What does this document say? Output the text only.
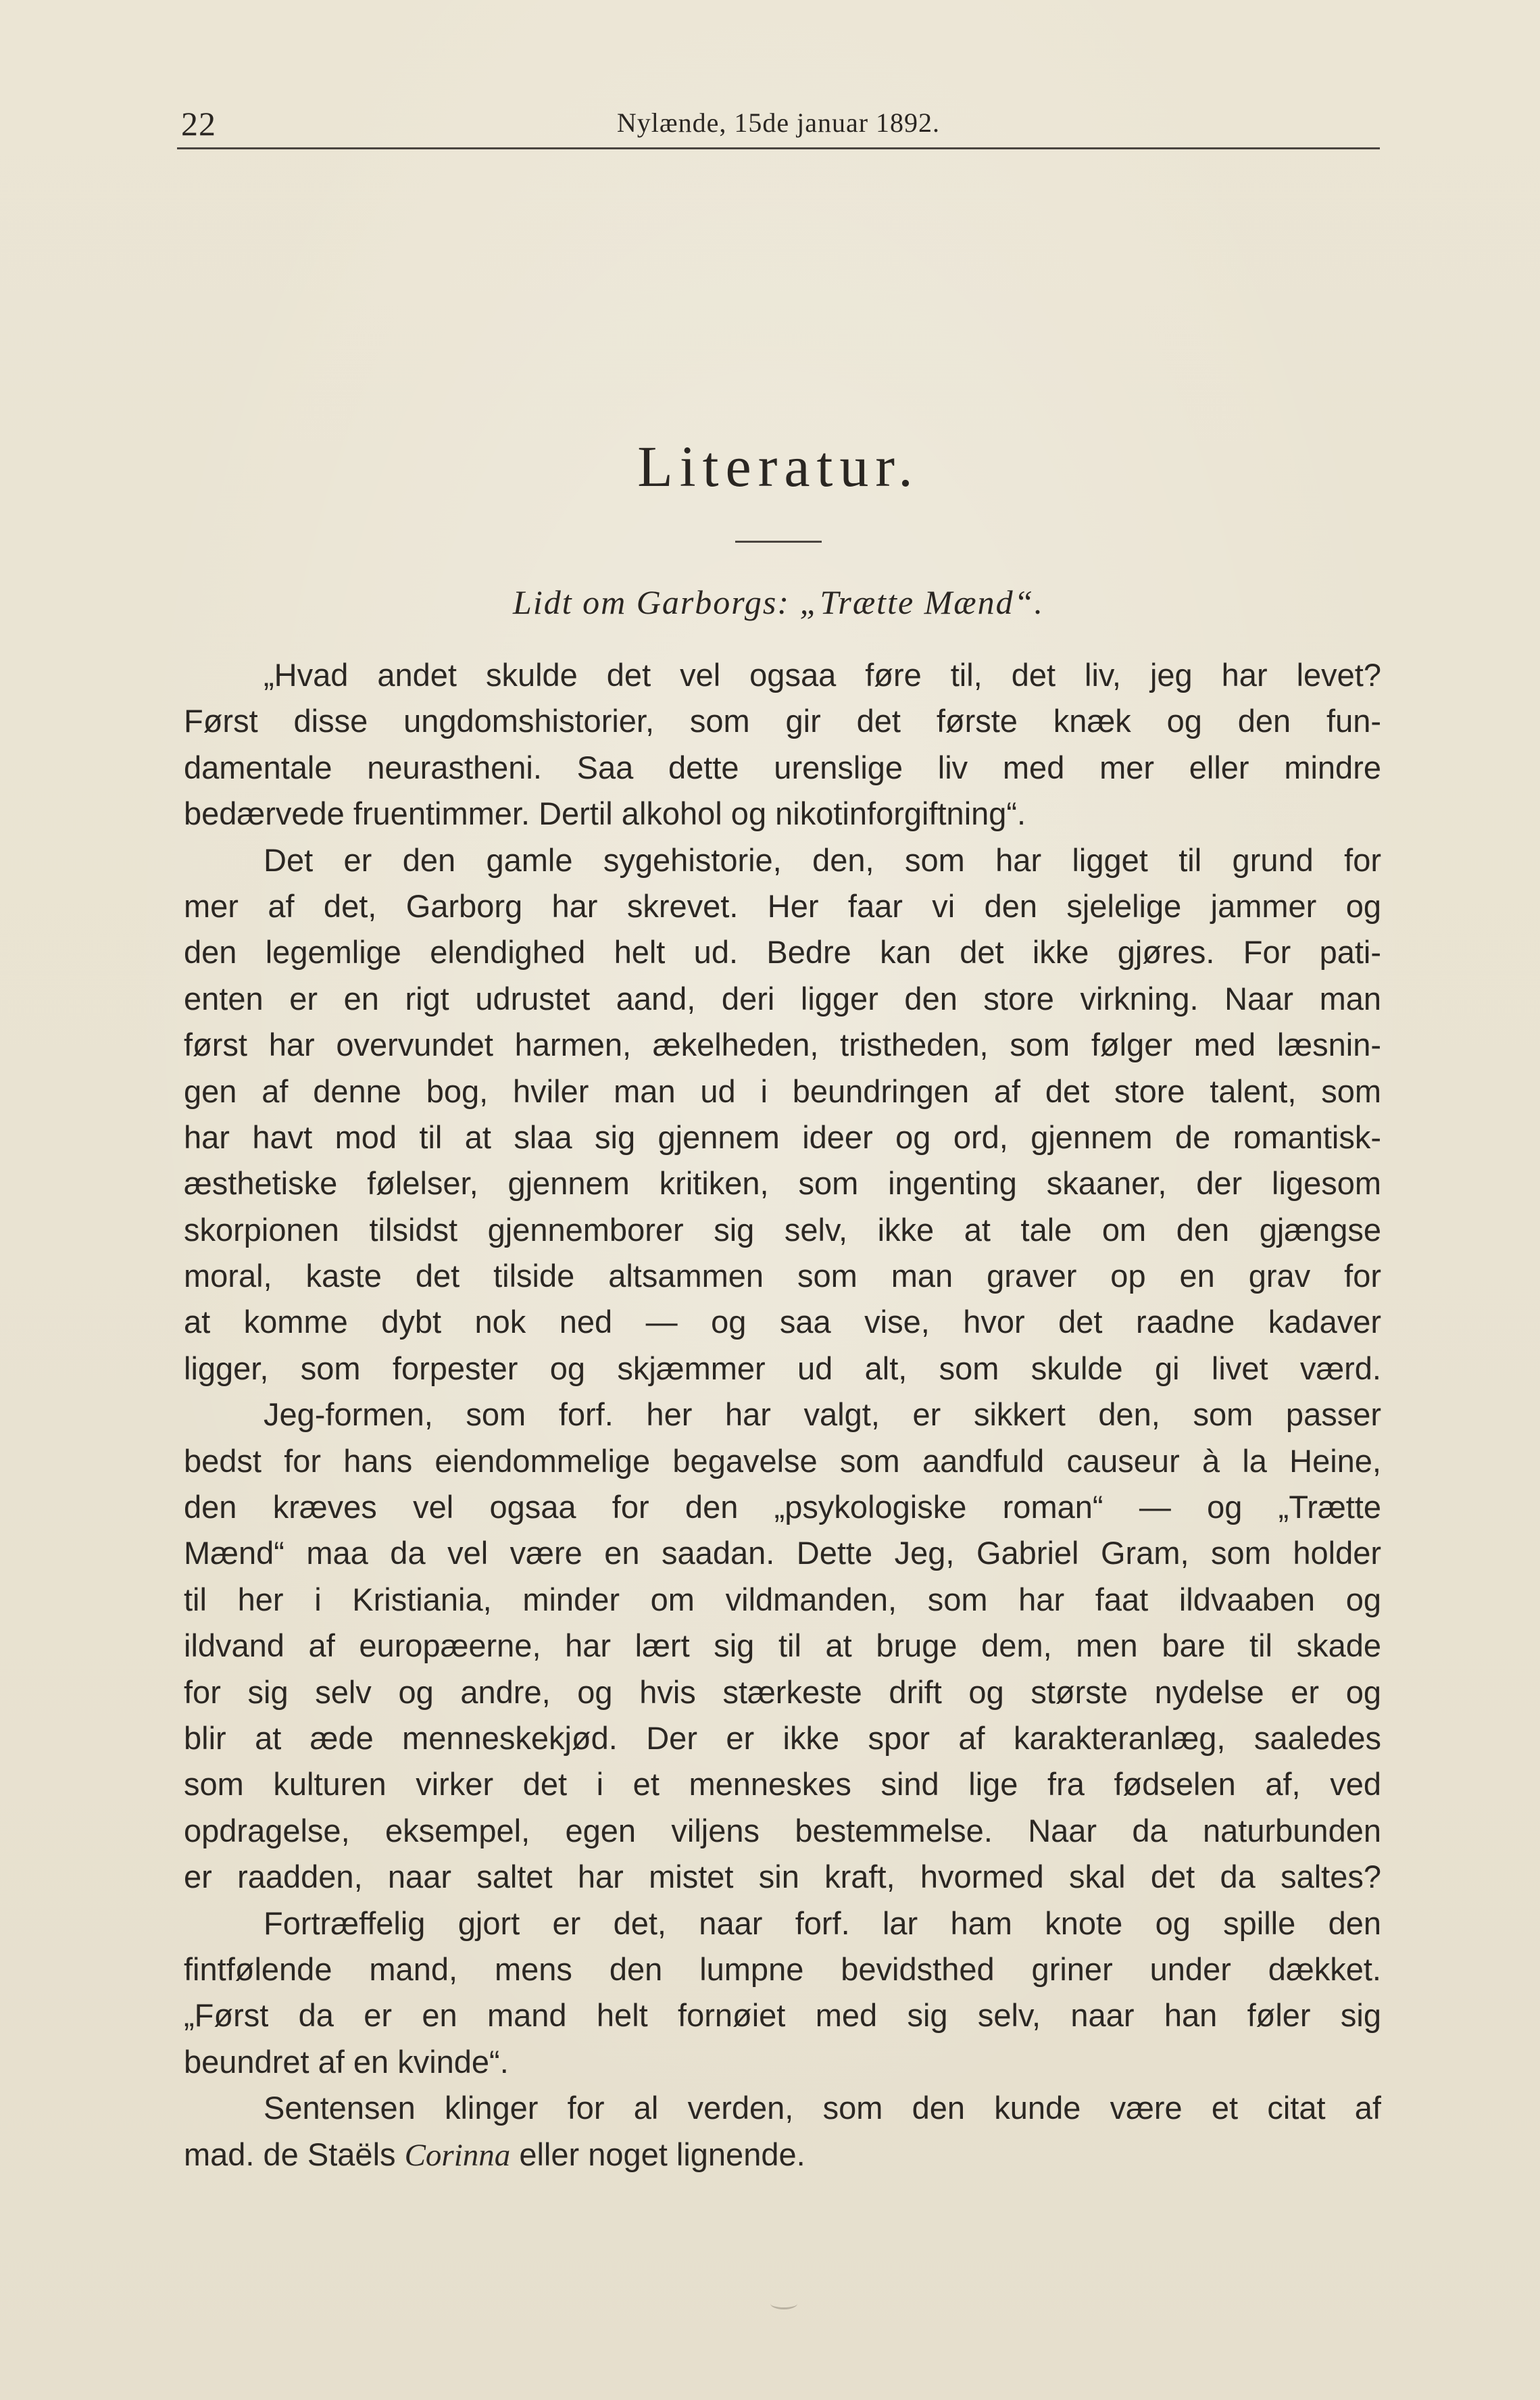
22	Nylænde, 15de januar 1892.
Literatur.
Lidt om Garborgs: „Trætte Mænd“.
„Hvad andet skulde det vel ogsaa føre til, det liv, jeg har levet?
Først disse ungdomshistorier, som gir det første knæk og den fun-
damentale neurastheni. Saa dette urenslige liv med mer eller mindre
bedærvede fruentimmer. Dertil alkohol og nikotinforgiftning“.
Det er den gamle sygehistorie, den, som har ligget til grund for
mer af det, Garborg har skrevet. Her faar vi den sjelelige jammer og
den legemlige elendighed helt ud. Bedre kan det ikke gjøres. For pati-
enten er en rigt udrustet aand, deri ligger den store virkning. Naar man
først har overvundet harmen, ækelheden, tristheden, som følger med læsnin-
gen af denne bog, hviler man ud i beundringen af det store talent, som
har havt mod til at slaa sig gjennem ideer og ord, gjennem de romantisk-
æsthetiske følelser, gjennem kritiken, som ingenting skaaner, der ligesom
skorpionen tilsidst gjennemborer sig selv, ikke at tale om den gjængse
moral, kaste det tilside altsammen som man graver op en grav for
at komme dybt nok ned — og saa vise, hvor det raadne kadaver
ligger, som forpester og skjæmmer ud alt, som skulde gi livet værd.
Jeg-formen, som forf. her har valgt, er sikkert den, som passer
bedst for hans eiendommelige begavelse som aandfuld causeur à la Heine,
den kræves vel ogsaa for den „psykologiske roman“ — og „Trætte
Mænd“ maa da vel være en saadan. Dette Jeg, Gabriel Gram, som holder
til her i Kristiania, minder om vildmanden, som har faat ildvaaben og
ildvand af europæerne, har lært sig til at bruge dem, men bare til skade
for sig selv og andre, og hvis stærkeste drift og største nydelse er og
blir at æde menneskekjød. Der er ikke spor af karakteranlæg, saaledes
som kulturen virker det i et menneskes sind lige fra fødselen af, ved
opdragelse, eksempel, egen viljens bestemmelse. Naar da naturbunden
er raadden, naar saltet har mistet sin kraft, hvormed skal det da saltes?
Fortræffelig gjort er det, naar forf. lar ham knote og spille den
fintfølende mand, mens den lumpne bevidsthed griner under dækket.
„Først da er en mand helt fornøiet med sig selv, naar han føler sig
beundret af en kvinde“.
Sentensen klinger for al verden, som den kunde være et citat af
mad. de Staëls Corinna eller noget lignende.
